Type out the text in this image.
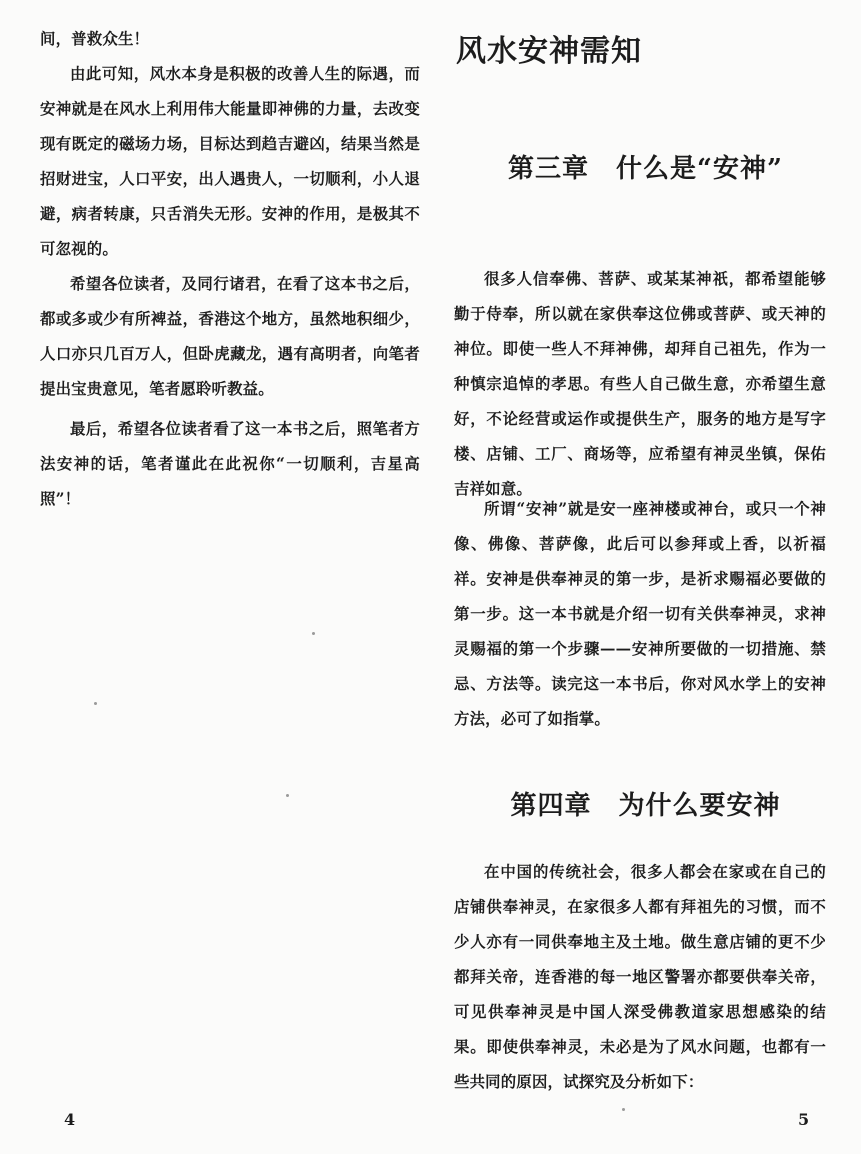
间，普救众生！

由此可知，风水本身是积极的改善人生的际遇，而安神就是在风水上利用伟大能量即神佛的力量，去改变现有既定的磁场力场，目标达到趋吉避凶，结果当然是招财进宝，人口平安，出人遇贵人，一切顺利，小人退避，病者转康，只舌消失无形。安神的作用，是极其不可忽视的。

希望各位读者，及同行诸君，在看了这本书之后，都或多或少有所裨益，香港这个地方，虽然地积细少，人口亦只几百万人，但卧虎藏龙，遇有高明者，向笔者提出宝贵意见，笔者愿聆听教益。

最后，希望各位读者看了这一本书之后，照笔者方法安神的话，笔者谨此在此祝你“一切顺利，吉星高照”！

4

风水安神需知
第三章　什么是“安神”

很多人信奉佛、菩萨、或某某神祇，都希望能够勤于侍奉，所以就在家供奉这位佛或菩萨、或天神的神位。即使一些人不拜神佛，却拜自己祖先，作为一种慎宗追悼的孝思。有些人自己做生意，亦希望生意好，不论经营或运作或提供生产，服务的地方是写字楼、店铺、工厂、商场等，应希望有神灵坐镇，保佑吉祥如意。

所谓“安神”就是安一座神楼或神台，或只一个神像、佛像、菩萨像，此后可以参拜或上香，以祈福祥。安神是供奉神灵的第一步，是祈求赐福必要做的第一步。这一本书就是介绍一切有关供奉神灵，求神灵赐福的第一个步骤——安神所要做的一切措施、禁忌、方法等。读完这一本书后，你对风水学上的安神方法，必可了如指掌。

第四章　为什么要安神

在中国的传统社会，很多人都会在家或在自己的店铺供奉神灵，在家很多人都有拜祖先的习惯，而不少人亦有一同供奉地主及土地。做生意店铺的更不少都拜关帝，连香港的每一地区警署亦都要供奉关帝，可见供奉神灵是中国人深受佛教道家思想感染的结果。即使供奉神灵，未必是为了风水问题，也都有一些共同的原因，试探究及分析如下：

5
